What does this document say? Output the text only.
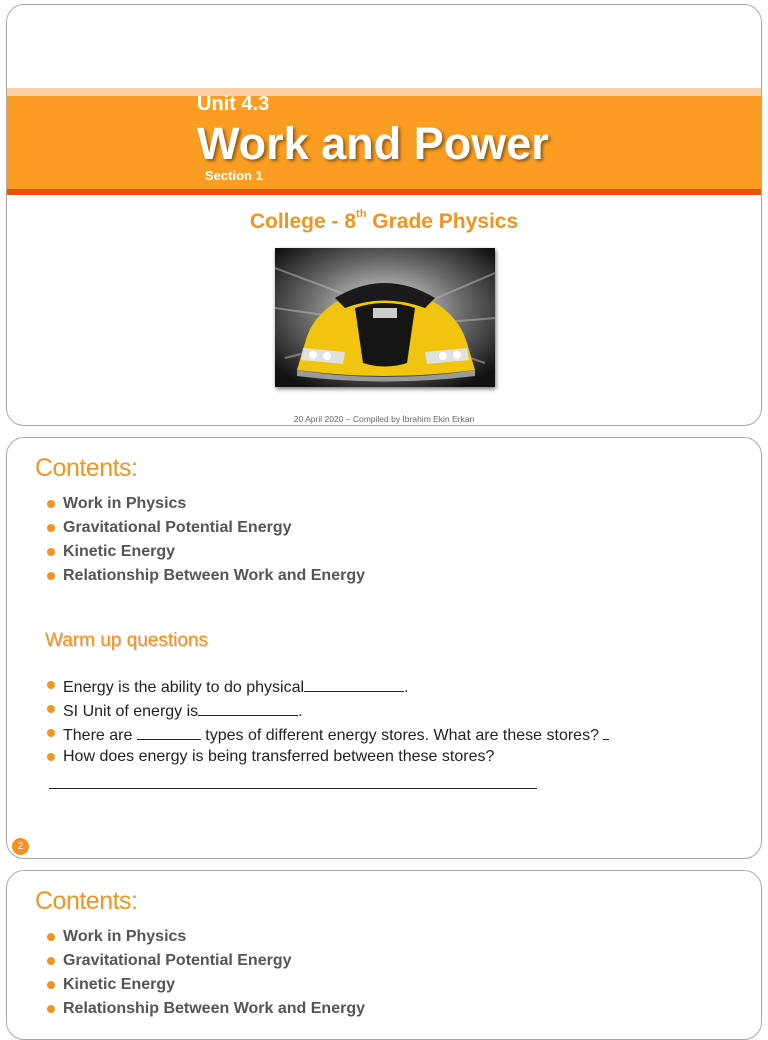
Unit 4.3
Work and Power
Section 1
College - 8th Grade Physics
20 April 2020 – Compiled by İbrahim Ekin Erkan
Contents:
Work in Physics
Gravitational Potential Energy
Kinetic Energy
Relationship Between Work and Energy
Warm up questions
Energy is the ability to do physical	.
SI Unit of energy is	.
There are	types of different energy stores. What are these stores?
How does energy is being transferred between these stores?
2
Contents:
Work in Physics
Gravitational Potential Energy
Kinetic Energy
Relationship Between Work and Energy
